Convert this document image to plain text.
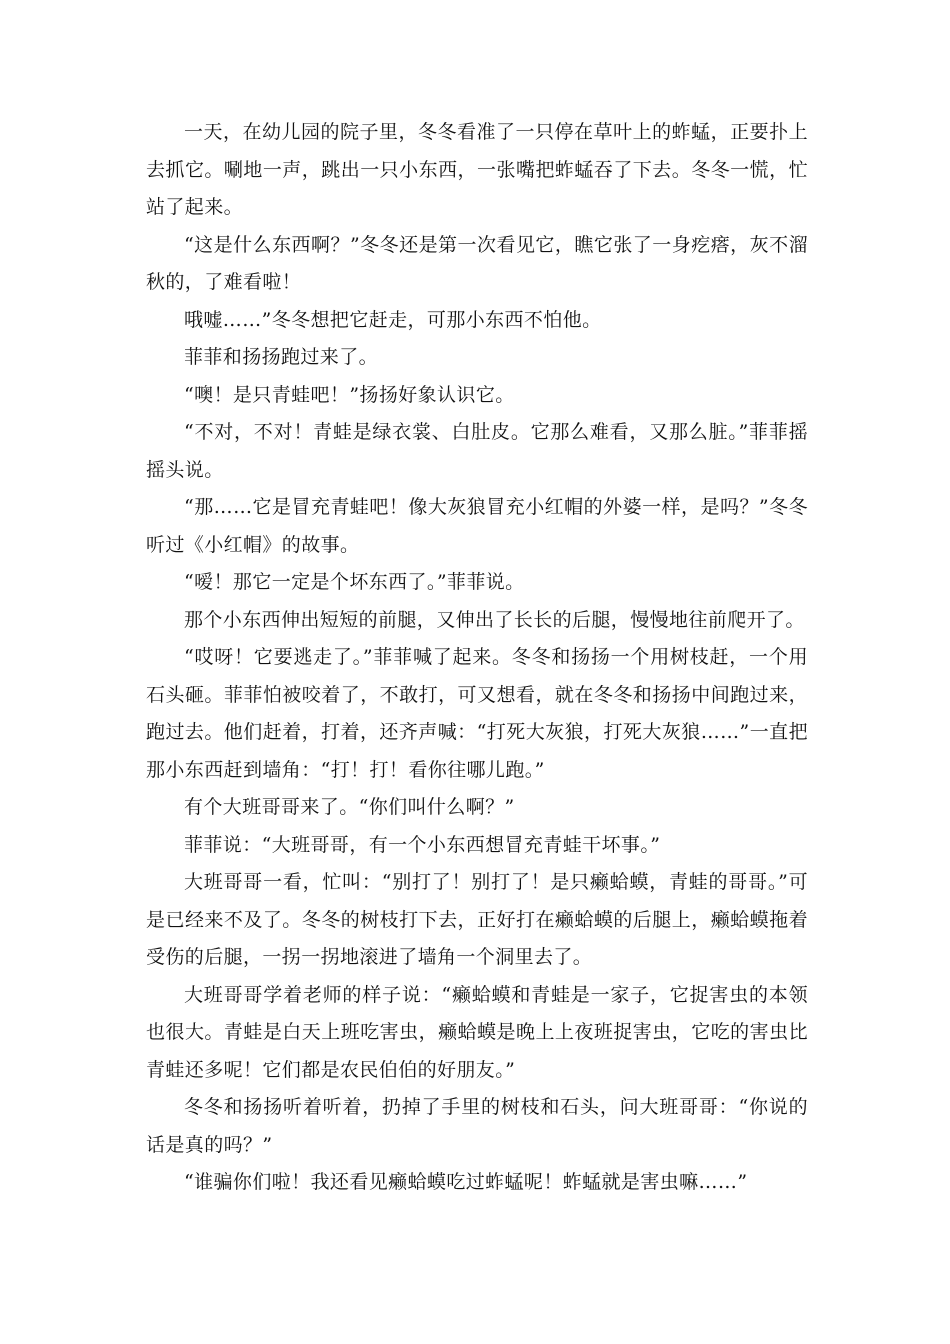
一天，在幼儿园的院子里，冬冬看准了一只停在草叶上的蚱蜢，正要扑上去抓它。唰地一声，跳出一只小东西，一张嘴把蚱蜢吞了下去。冬冬一慌，忙站了起来。

“这是什么东西啊？”冬冬还是第一次看见它，瞧它张了一身疙瘩，灰不溜秋的，了难看啦！

哦嘘……”冬冬想把它赶走，可那小东西不怕他。

菲菲和扬扬跑过来了。

“噢！是只青蛙吧！”扬扬好象认识它。

“不对，不对！青蛙是绿衣裳、白肚皮。它那么难看，又那么脏。”菲菲摇摇头说。

“那……它是冒充青蛙吧！像大灰狼冒充小红帽的外婆一样，是吗？”冬冬听过《小红帽》的故事。

“嗳！那它一定是个坏东西了。”菲菲说。

那个小东西伸出短短的前腿，又伸出了长长的后腿，慢慢地往前爬开了。

“哎呀！它要逃走了。”菲菲喊了起来。冬冬和扬扬一个用树枝赶，一个用石头砸。菲菲怕被咬着了，不敢打，可又想看，就在冬冬和扬扬中间跑过来，跑过去。他们赶着，打着，还齐声喊：“打死大灰狼，打死大灰狼……”一直把那小东西赶到墙角：“打！打！看你往哪儿跑。”

有个大班哥哥来了。“你们叫什么啊？”

菲菲说：“大班哥哥，有一个小东西想冒充青蛙干坏事。”

大班哥哥一看，忙叫：“别打了！别打了！是只癞蛤蟆，青蛙的哥哥。”可是已经来不及了。冬冬的树枝打下去，正好打在癞蛤蟆的后腿上，癞蛤蟆拖着受伤的后腿，一拐一拐地滚进了墙角一个洞里去了。

大班哥哥学着老师的样子说：“癞蛤蟆和青蛙是一家子，它捉害虫的本领也很大。青蛙是白天上班吃害虫，癞蛤蟆是晚上上夜班捉害虫，它吃的害虫比青蛙还多呢！它们都是农民伯伯的好朋友。”

冬冬和扬扬听着听着，扔掉了手里的树枝和石头，问大班哥哥：“你说的话是真的吗？”

“谁骗你们啦！我还看见癞蛤蟆吃过蚱蜢呢！蚱蜢就是害虫嘛……”
